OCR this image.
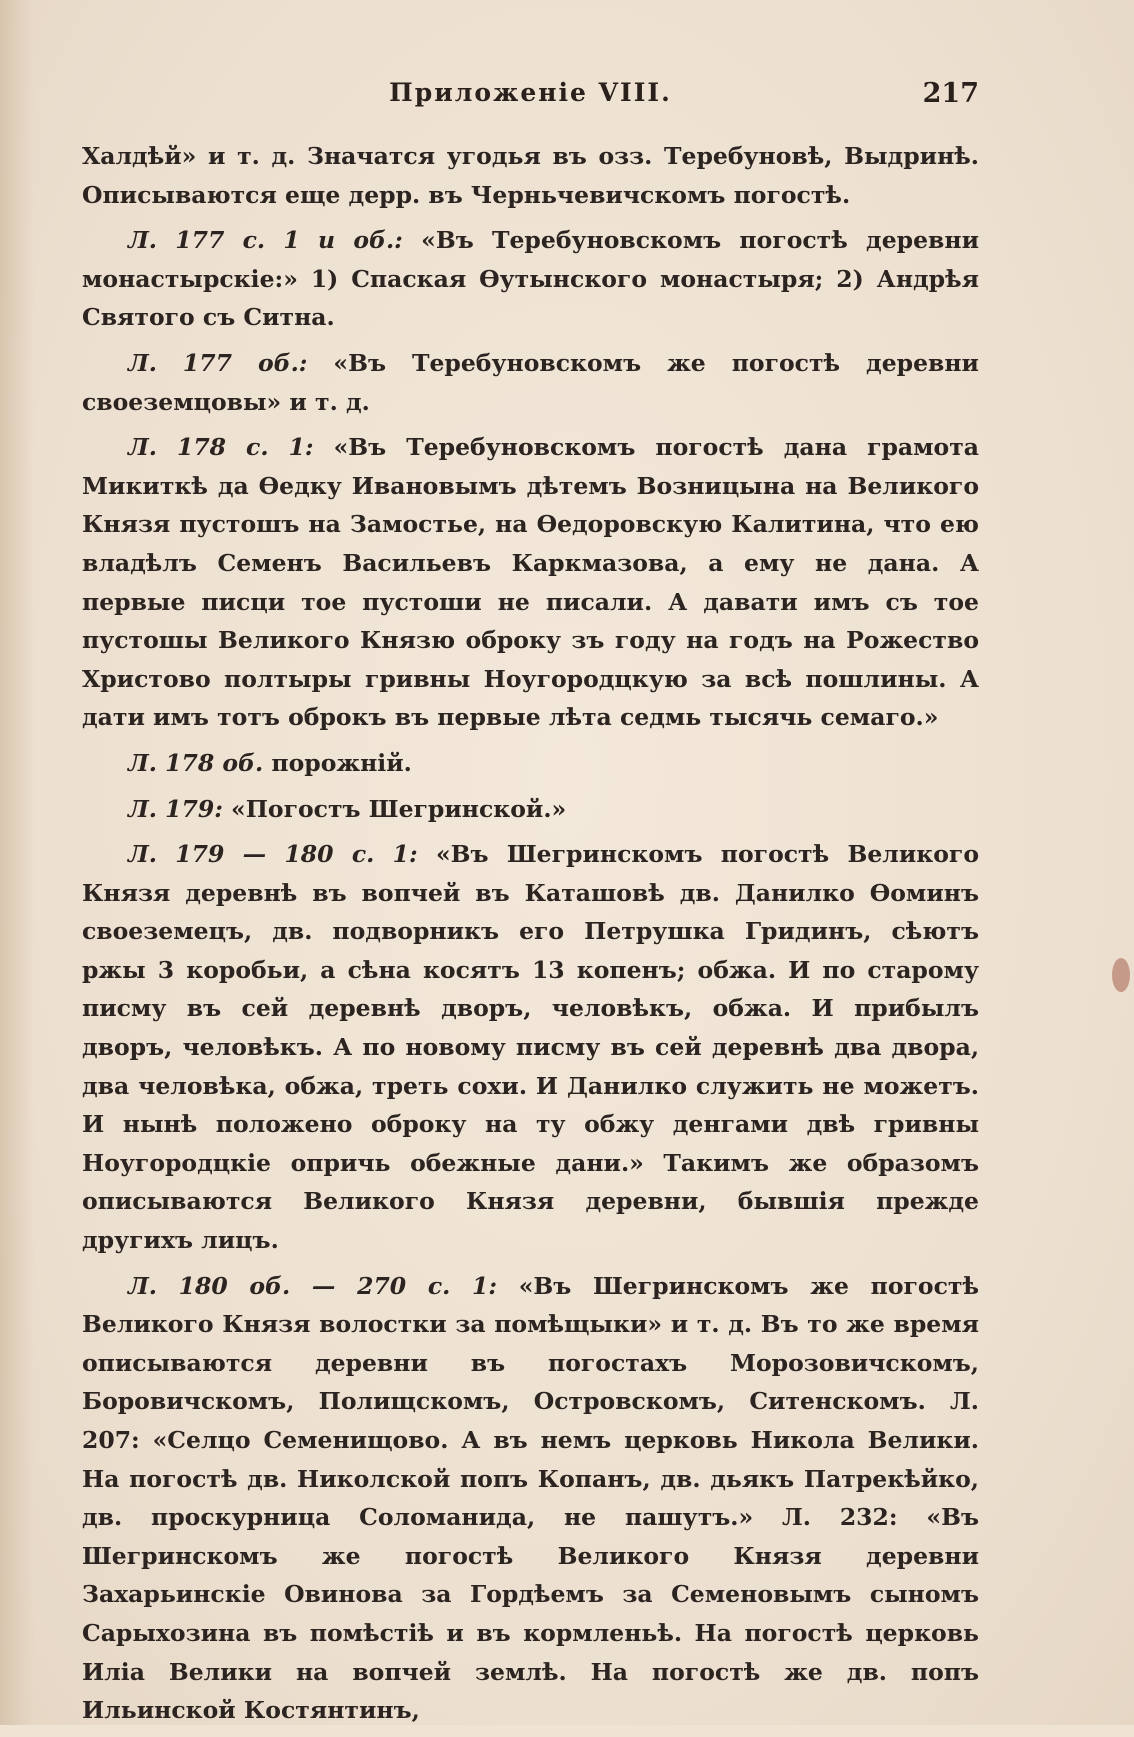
Приложеніе VIII.	217

Халдѣй» и т. д. Значатся угодья въ озз. Теребуновѣ, Выдринѣ. Описываются еще дерр. въ Черньчевичскомъ погостѣ.

Л. 177 с. 1 и об.: «Въ Теребуновскомъ погостѣ деревни монастырскіе:» 1) Спаская Ѳутынского монастыря; 2) Андрѣя Святого съ Ситна.

Л. 177 об.: «Въ Теребуновскомъ же погостѣ деревни своеземцовы» и т. д.

Л. 178 с. 1: «Въ Теребуновскомъ погостѣ дана грамота Микиткѣ да Ѳедку Ивановымъ дѣтемъ Возницына на Великого Князя пустошъ на Замостье, на Ѳедоровскую Калитина, что ею владѣлъ Семенъ Васильевъ Каркмазова, а ему не дана. А первые писци тое пустоши не писали. А давати имъ съ тое пустошы Великого Князю оброку зъ году на годъ на Рожество Христово полтыры гривны Ноугородцкую за всѣ пошлины. А дати имъ тотъ оброкъ въ первые лѣта седмь тысячь семаго.»

Л. 178 об. порожній.

Л. 179: «Погостъ Шегринской.»

Л. 179 — 180 с. 1: «Въ Шегринскомъ погостѣ Великого Князя деревнѣ въ вопчей въ Каташовѣ дв. Данилко Ѳоминъ своеземецъ, дв. подворникъ его Петрушка Гридинъ, сѣютъ ржы 3 коробьи, а сѣна косятъ 13 копенъ; обжа. И по старому писму въ сей деревнѣ дворъ, человѣкъ, обжа. И прибылъ дворъ, человѣкъ. А по новому писму въ сей деревнѣ два двора, два человѣка, обжа, треть сохи. И Данилко служить не можетъ. И нынѣ положено оброку на ту обжу денгами двѣ гривны Ноугородцкіе опричь обежные дани.» Такимъ же образомъ описываются Великого Князя деревни, бывшія прежде другихъ лицъ.

Л. 180 об. — 270 с. 1: «Въ Шегринскомъ же погостѣ Великого Князя волостки за помѣщыки» и т. д. Въ то же время описываются деревни въ погостахъ Морозовичскомъ, Боровичскомъ, Полищскомъ, Островскомъ, Ситенскомъ. Л. 207: «Селцо Семенищово. А въ немъ церковь Никола Велики. На погостѣ дв. Николской попъ Копанъ, дв. дьякъ Патрекѣйко, дв. проскурница Соломанида, не пашутъ.» Л. 232: «Въ Шегринскомъ же погостѣ Великого Князя деревни Захарьинскіе Овинова за Гордѣемъ за Семеновымъ сыномъ Сарыхозина въ помѣстіѣ и въ кормленьѣ. На погостѣ церковь Иліа Велики на вопчей землѣ. На погостѣ же дв. попъ Ильинской Костянтинъ,
